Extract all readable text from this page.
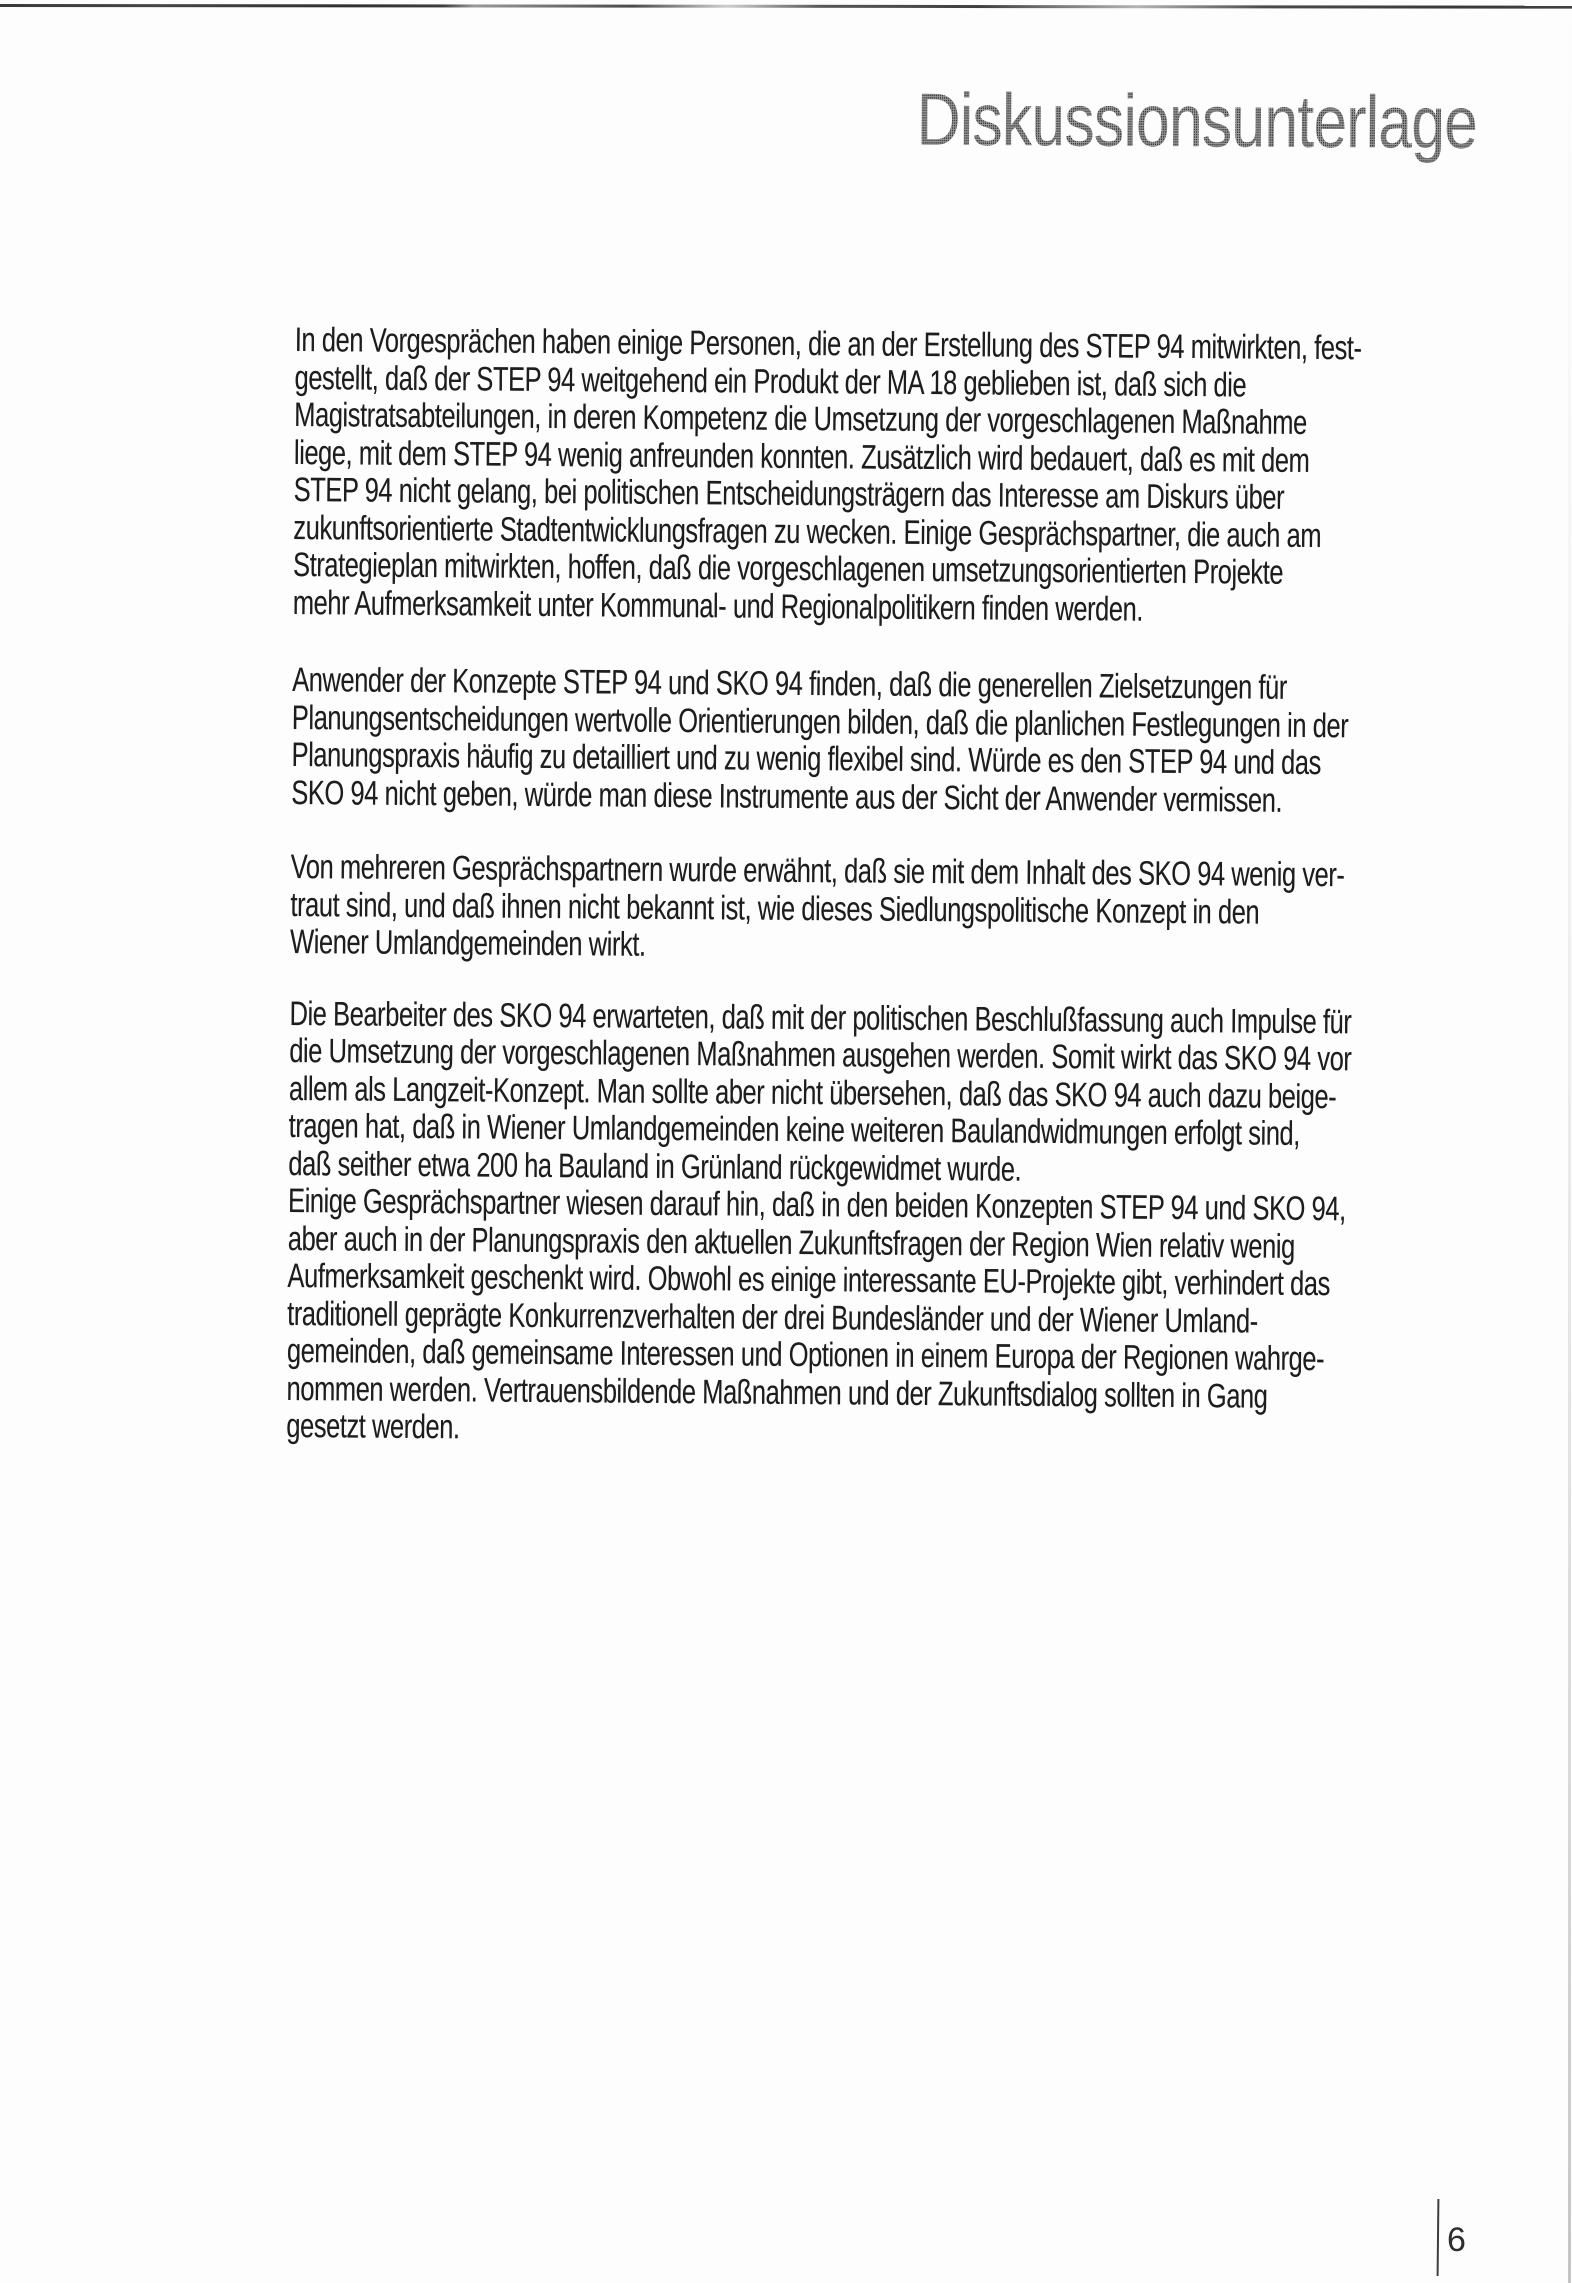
Diskussionsunterlage
In den Vorgesprächen haben einige Personen, die an der Erstellung des STEP 94 mitwirkten, fest-
gestellt, daß der STEP 94 weitgehend ein Produkt der MA 18 geblieben ist, daß sich die
Magistratsabteilungen, in deren Kompetenz die Umsetzung der vorgeschlagenen Maßnahme
liege, mit dem STEP 94 wenig anfreunden konnten. Zusätzlich wird bedauert, daß es mit dem
STEP 94 nicht gelang, bei politischen Entscheidungsträgern das Interesse am Diskurs über
zukunftsorientierte Stadtentwicklungsfragen zu wecken. Einige Gesprächspartner, die auch am
Strategieplan mitwirkten, hoffen, daß die vorgeschlagenen umsetzungsorientierten Projekte
mehr Aufmerksamkeit unter Kommunal- und Regionalpolitikern finden werden.
Anwender der Konzepte STEP 94 und SKO 94 finden, daß die generellen Zielsetzungen für
Planungsentscheidungen wertvolle Orientierungen bilden, daß die planlichen Festlegungen in der
Planungspraxis häufig zu detailliert und zu wenig flexibel sind. Würde es den STEP 94 und das
SKO 94 nicht geben, würde man diese Instrumente aus der Sicht der Anwender vermissen.
Von mehreren Gesprächspartnern wurde erwähnt, daß sie mit dem Inhalt des SKO 94 wenig ver-
traut sind, und daß ihnen nicht bekannt ist, wie dieses Siedlungspolitische Konzept in den
Wiener Umlandgemeinden wirkt.
Die Bearbeiter des SKO 94 erwarteten, daß mit der politischen Beschlußfassung auch Impulse für
die Umsetzung der vorgeschlagenen Maßnahmen ausgehen werden. Somit wirkt das SKO 94 vor
allem als Langzeit-Konzept. Man sollte aber nicht übersehen, daß das SKO 94 auch dazu beige-
tragen hat, daß in Wiener Umlandgemeinden keine weiteren Baulandwidmungen erfolgt sind,
daß seither etwa 200 ha Bauland in Grünland rückgewidmet wurde.
Einige Gesprächspartner wiesen darauf hin, daß in den beiden Konzepten STEP 94 und SKO 94,
aber auch in der Planungspraxis den aktuellen Zukunftsfragen der Region Wien relativ wenig
Aufmerksamkeit geschenkt wird. Obwohl es einige interessante EU-Projekte gibt, verhindert das
traditionell geprägte Konkurrenzverhalten der drei Bundesländer und der Wiener Umland-
gemeinden, daß gemeinsame Interessen und Optionen in einem Europa der Regionen wahrge-
nommen werden. Vertrauensbildende Maßnahmen und der Zukunftsdialog sollten in Gang
gesetzt werden.
6
